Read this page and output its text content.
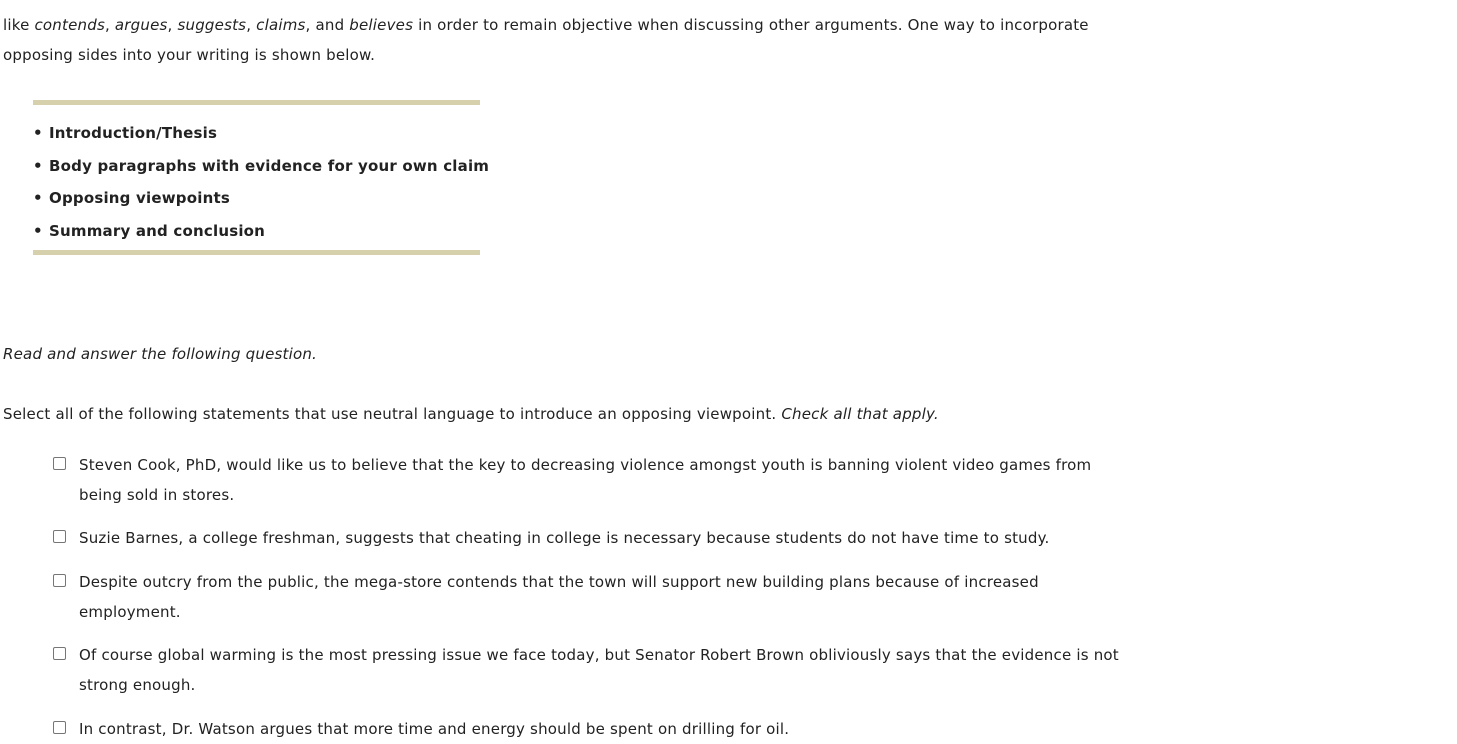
like contends, argues, suggests, claims, and believes in order to remain objective when discussing other arguments. One way to incorporate opposing sides into your writing is shown below.

• Introduction/Thesis
• Body paragraphs with evidence for your own claim
• Opposing viewpoints
• Summary and conclusion
Read and answer the following question.
Select all of the following statements that use neutral language to introduce an opposing viewpoint. Check all that apply.
Steven Cook, PhD, would like us to believe that the key to decreasing violence amongst youth is banning violent video games from being sold in stores.
Suzie Barnes, a college freshman, suggests that cheating in college is necessary because students do not have time to study.
Despite outcry from the public, the mega-store contends that the town will support new building plans because of increased employment.
Of course global warming is the most pressing issue we face today, but Senator Robert Brown obliviously says that the evidence is not strong enough.
In contrast, Dr. Watson argues that more time and energy should be spent on drilling for oil.
